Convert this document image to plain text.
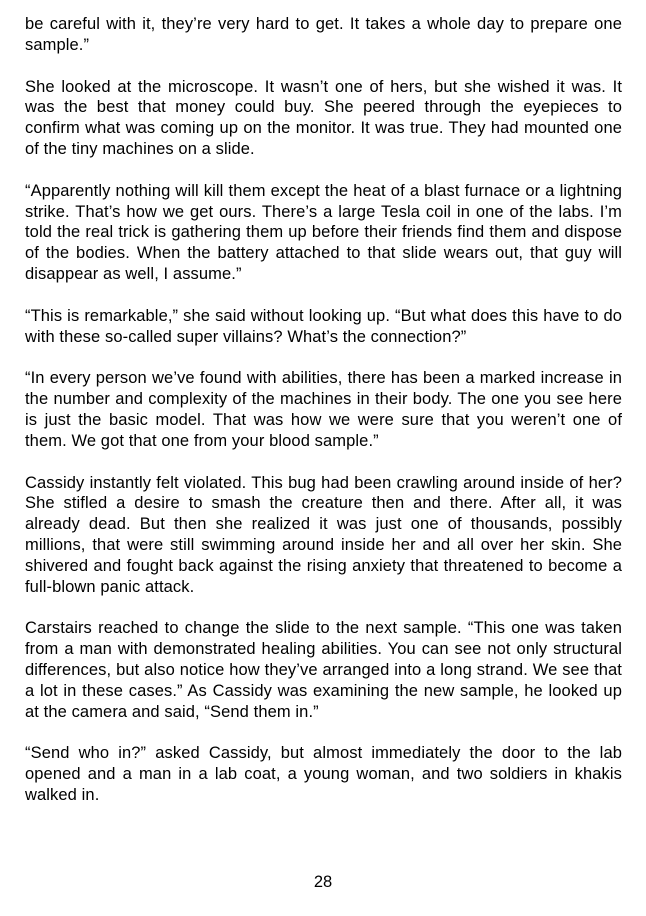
be careful with it, they’re very hard to get. It takes a whole day to prepare one sample.”

She looked at the microscope. It wasn’t one of hers, but she wished it was. It was the best that money could buy. She peered through the eyepieces to confirm what was coming up on the monitor. It was true. They had mounted one of the tiny machines on a slide.

“Apparently nothing will kill them except the heat of a blast furnace or a lightning strike. That’s how we get ours. There’s a large Tesla coil in one of the labs. I’m told the real trick is gathering them up before their friends find them and dispose of the bodies. When the battery attached to that slide wears out, that guy will disappear as well, I assume.”

“This is remarkable,” she said without looking up. “But what does this have to do with these so-called super villains? What’s the connection?”

“In every person we’ve found with abilities, there has been a marked increase in the number and complexity of the machines in their body. The one you see here is just the basic model. That was how we were sure that you weren’t one of them. We got that one from your blood sample.”

Cassidy instantly felt violated. This bug had been crawling around inside of her? She stifled a desire to smash the creature then and there. After all, it was already dead. But then she realized it was just one of thousands, possibly millions, that were still swimming around inside her and all over her skin. She shivered and fought back against the rising anxiety that threatened to become a full-blown panic attack.

Carstairs reached to change the slide to the next sample. “This one was taken from a man with demonstrated healing abilities. You can see not only structural differences, but also notice how they’ve arranged into a long strand. We see that a lot in these cases.” As Cassidy was examining the new sample, he looked up at the camera and said, “Send them in.”

“Send who in?” asked Cassidy, but almost immediately the door to the lab opened and a man in a lab coat, a young woman, and two soldiers in khakis walked in.

28
